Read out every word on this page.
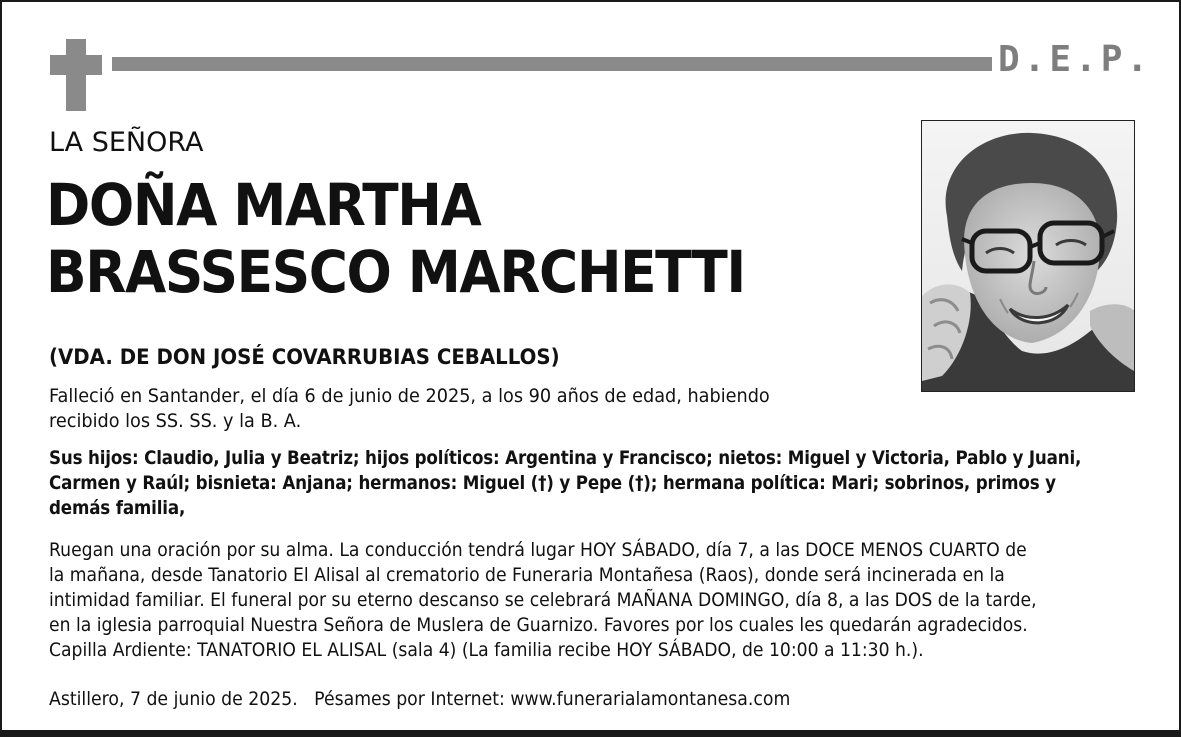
D.E.P.
LA SEÑORA
DOÑA MARTHA
BRASSESCO MARCHETTI
(VDA. DE DON JOSÉ COVARRUBIAS CEBALLOS)
Falleció en Santander, el día 6 de junio de 2025, a los 90 años de edad, habiendo
recibido los SS. SS. y la B. A.
Sus hijos: Claudio, Julia y Beatriz; hijos políticos: Argentina y Francisco; nietos: Miguel y Victoria, Pablo y Juani,
Carmen y Raúl; bisnieta: Anjana; hermanos: Miguel (†) y Pepe (†); hermana política: Mari; sobrinos, primos y
demás familia,
Ruegan una oración por su alma. La conducción tendrá lugar HOY SÁBADO, día 7, a las DOCE MENOS CUARTO de
la mañana, desde Tanatorio El Alisal al crematorio de Funeraria Montañesa (Raos), donde será incinerada en la
intimidad familiar. El funeral por su eterno descanso se celebrará MAÑANA DOMINGO, día 8, a las DOS de la tarde,
en la iglesia parroquial Nuestra Señora de Muslera de Guarnizo. Favores por los cuales les quedarán agradecidos.
Capilla Ardiente: TANATORIO EL ALISAL (sala 4) (La familia recibe HOY SÁBADO, de 10:00 a 11:30 h.).
Astillero, 7 de junio de 2025. Pésames por Internet: www.funerarialamontanesa.com
